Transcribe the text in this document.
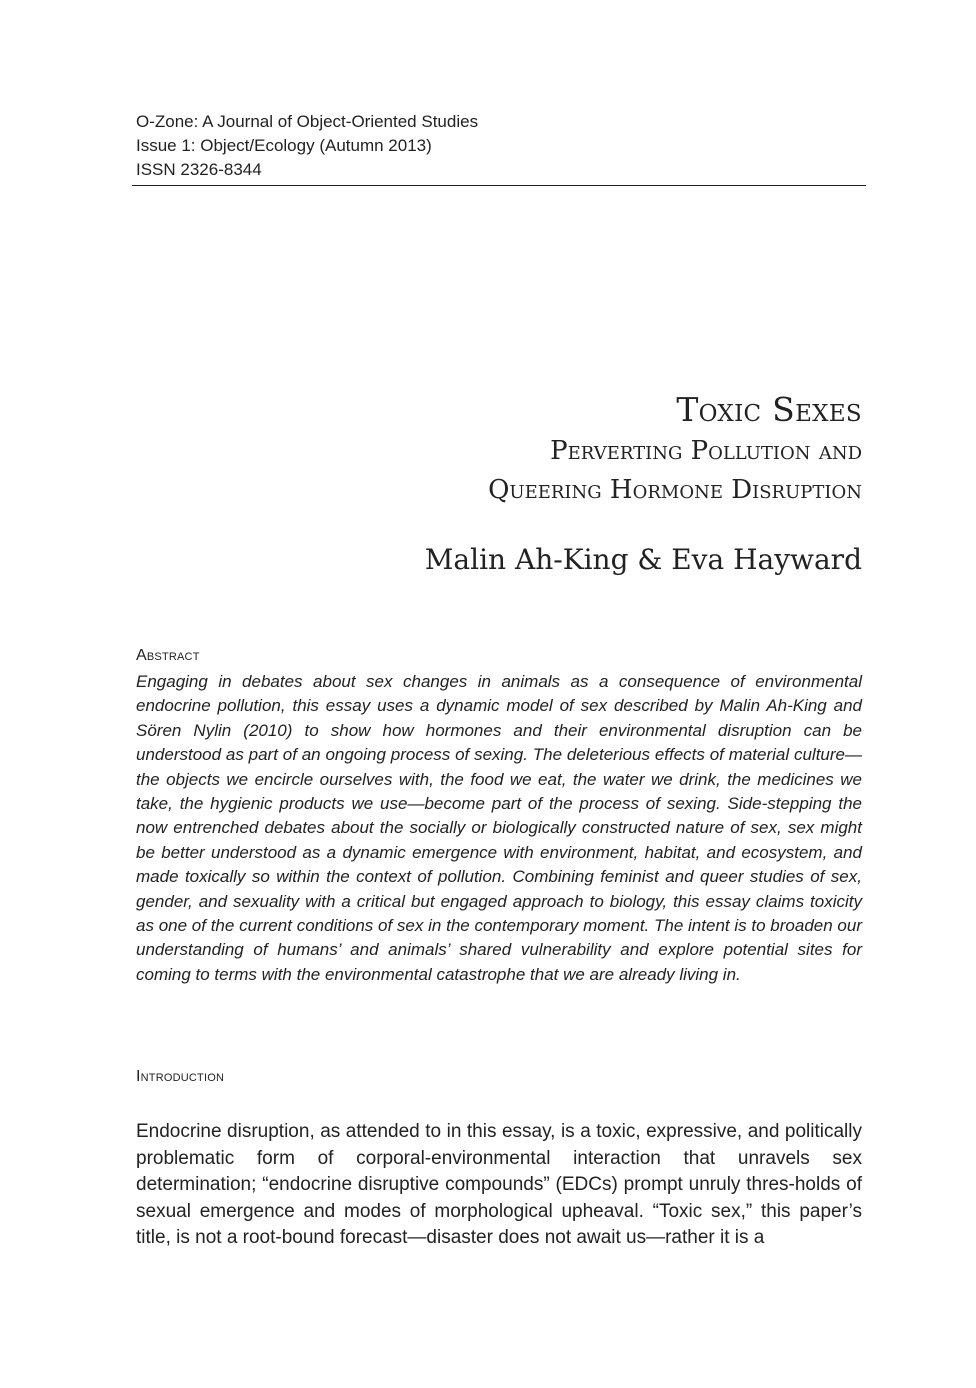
O-Zone: A Journal of Object-Oriented Studies
Issue 1: Object/Ecology (Autumn 2013)
ISSN 2326-8344
Toxic Sexes
Perverting Pollution and
Queering Hormone Disruption
Malin Ah-King & Eva Hayward
Abstract

Engaging in debates about sex changes in animals as a consequence of environmental endocrine pollution, this essay uses a dynamic model of sex described by Malin Ah-King and Sören Nylin (2010) to show how hormones and their environmental disruption can be understood as part of an ongoing process of sexing. The deleterious effects of material culture—the objects we encircle ourselves with, the food we eat, the water we drink, the medicines we take, the hygienic products we use—become part of the process of sexing. Side-stepping the now entrenched debates about the socially or biologically constructed nature of sex, sex might be better understood as a dynamic emergence with environment, habitat, and ecosystem, and made toxically so within the context of pollution. Combining feminist and queer studies of sex, gender, and sexuality with a critical but engaged approach to biology, this essay claims toxicity as one of the current conditions of sex in the contemporary moment. The intent is to broaden our understanding of humans’ and animals’ shared vulnerability and explore potential sites for coming to terms with the environmental catastrophe that we are already living in.

Introduction

Endocrine disruption, as attended to in this essay, is a toxic, expressive, and politically problematic form of corporal-environmental interaction that unravels sex determination; “endocrine disruptive compounds” (EDCs) prompt unruly thres-holds of sexual emergence and modes of morphological upheaval. “Toxic sex,” this paper’s title, is not a root-bound forecast—disaster does not await us—rather it is a
